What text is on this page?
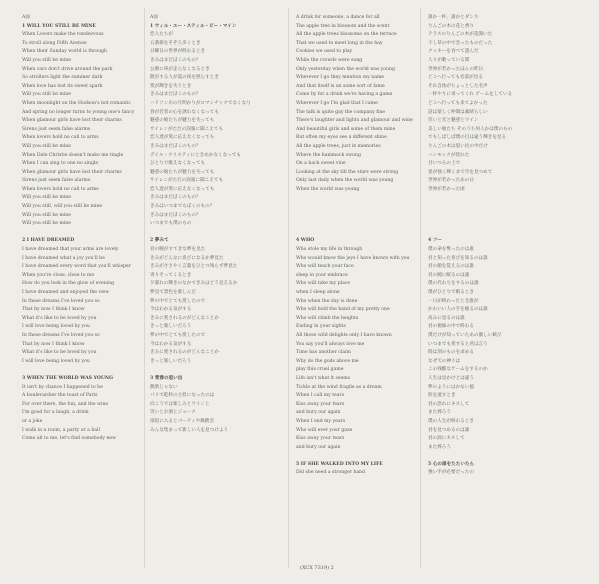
A面
1 WILL YOU STILL BE MINE
When Lovers make the rendezvous
To stroll along Fifth Avenue
When their Sunday world is through
Will you still be mine
When cars don't drive around the park
So strollers light the summer dark
When love has lost its sweet spark
Will you still be mine
When moonlight on the Hudson's not romantic
And spring no longer turns to young one's fancy
When glamour girls have lost their charms
Sirens just seem false alarms
When lovers hold no call to arms
Will you still be mine
When Dale Christie doesn't make me tingle
When I can sing to one no single
When glamour girls have lost their charms
Sirens just seem false alarms
When lovers hold no call to arms
Will you still be mine
Will you still, will you still be mine
Will you still be mine
Will you still be mine
2 I HAVE DREAMED
I have dreamed that your arms are lovely
I have dreamed what a joy you'll be
I have dreamed every word that you'll whisper
When you're close, close to me
How do you look in the glow of evening
I have dreamed and enjoyed the view
In these dreams I've loved you so
That by now I think I know
What it's like to be loved by you
I will love being loved by you
In these dreams I've loved you so
That by now I think I know
What it's like to be loved by you
I will love being loved by you
3 WHEN THE WORLD WAS YOUNG
It isn't by chance I happened to be
A boulevardier the toast of Paris
For over there, the fun, and the wine
I'm good for a laugh, a drink
or a joke
I walk in a room, a party or a ball
Come all to me, let's find somebody new
A面
1 ウィル・ユー・スティル・ビー・マイン
恋人たちが
五番街をそぞろ歩くとき
日曜日の世界が終わるとき
きみはまだぼくのもの？
公園に車が走らなくなるとき
散歩する人が夏の夜を照らすとき
愛が輝きを失うとき
きみはまだぼくのもの？
ハドソン川の月明かりがロマンチックでなくなり
春が若者の心を誘わなくなっても
魅惑の娘たちが魅力を失っても
サイレンがただの誤報に聞こえても
恋人達が愛に応えなくなっても
きみはまだぼくのもの？
デイル・クリスティにときめかなくなっても
ひとりで歌えなくなっても
魅惑の娘たちが魅力を失っても
サイレンがただの誤報に聞こえても
恋人達が愛に応えなくなっても
きみはまだぼくのもの？
きみはいつまでもぼくのもの？
きみはまだぼくのもの？
いつまでも僕のもの
2 夢みて
君の腕がすてきな夢を見た
きみがどんなに喜びになるか夢見た
きみがささやく言葉をひとつ残らず夢見た
寄りそってくるとき
夕暮れの輝きのなかできみはどう見えるか
夢見て景色を楽しんだ
夢の中でとても愛したので
今はわかる気がする
きみに愛されるのがどんなことか
きっと楽しいだろう
夢の中でとても愛したので
今はわかる気がする
きみに愛されるのがどんなことか
きっと楽しいだろう
3 青春の思い出
偶然じゃない
パリで乾杯の主役になったのは
向こうでは楽しみとワインと
笑いとお酒とジョーク
部屋に入るとパーティや舞踏会
みんな集まって新しい人を見つけよう
A drink for someone, a dance for all
The apple tree in blossom and the scent
All the apple trees blossome on the terrace
That we used to meet long in the hay
Cookies we used to play
While the crowds were sung
Only yesterday when the world was young
Wherever I go they mention my name
And that itself is an some sort of fame
Come by for a drink we're having a game
Wherever I go I'm glad that I came
The talk is quite gay the company fine
There's laughter and lights and glamour and wine
And beautiful girls and some of them mine
But often my eyes see a different shine
All the apple trees, just in memories
Where the hammock swung
On a back sweet vine
Looking at the sky till the stars were strong
Only last daily when the world was young
When the world was young
4 WHO
Who stole my life in through
Who would know the joys I have known with you
Who will teach your face
sleep in your embrace
Who will take my place
when I sleep alone
Who when the day is done
Who will hold the hand of my pretty one
Who will climb the heights
Ending in your sights
All those wild delights only I have known
You say you'll always love me
Time has another claim
Why do the gods above me
play this cruel game
Life isn't what it seems
Tickle at the wind fragile as a dream
When I call my tears
Kiss away your fears
and bury our again
When I end my years
Who will ever your gaze
Kiss away your tears
and bury our again
5 IF SHE WALKED INTO MY LIFE
Did she need a stronger hand
誰か一杯、誰かとダンス
りんごの木の花と香り
テラスのりんごの木が花開いた
干し草の中で会ったものだった
クッキーを食べて遊んだ
人々が歌っている間
世界が若かったほんの昨日
どこへ行っても名前が出る
それ自体がちょっとした名声
一杯やりに寄ってくれ ゲームをしている
どこへ行っても来てよかった
話は楽しく仲間は素晴らしい
笑いと光と魅惑とワイン
美しい娘たち そのうち何人かは僕のもの
でもしばしば僕の目は違う輝きを見る
りんごの木は思い出の中だけ
ハンモックが揺れた
甘いつるの上で
星が強く輝くまで空を見つめて
世界が若かったあの日
世界が若かった頃
4 フー
僕の命を奪ったのは誰
君と知った喜びを知るのは誰
君の顔を覚えるのは誰
君の腕に眠るのは誰
僕の代わりをするのは誰
僕がひとりで眠るとき
一日が終わったとき誰が
かわいい人の手を握るのは誰
高みに登るのは誰
君の視線の中で終わる
僕だけが知っていたあの激しい歓び
いつまでも愛すると君は言う
時は別のものを求める
なぜ天の神々は
この残酷なゲームをするのか
人生は見かけとは違う
夢のようにはかない風
涙を流すとき
君の恐れにキスして
また葬ろう
僕の人生が終わるとき
君を見つめるのは誰
君の涙にキスして
また葬ろう
5 心の扉をたたいたら
強い手が必要だったの
(XCX 7319) 2
